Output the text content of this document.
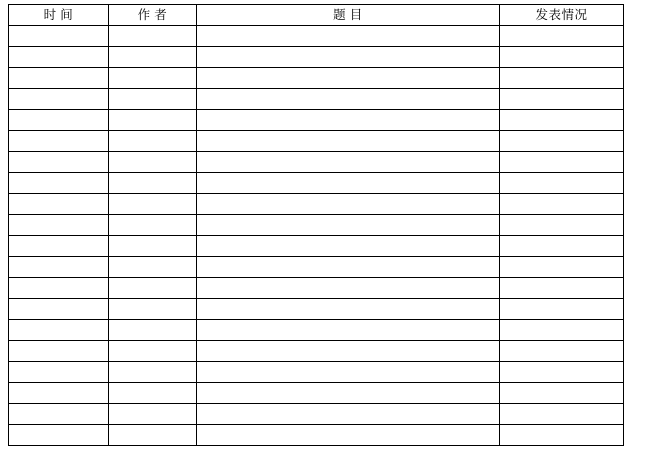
时 间	作 者	题 目	发表情况
